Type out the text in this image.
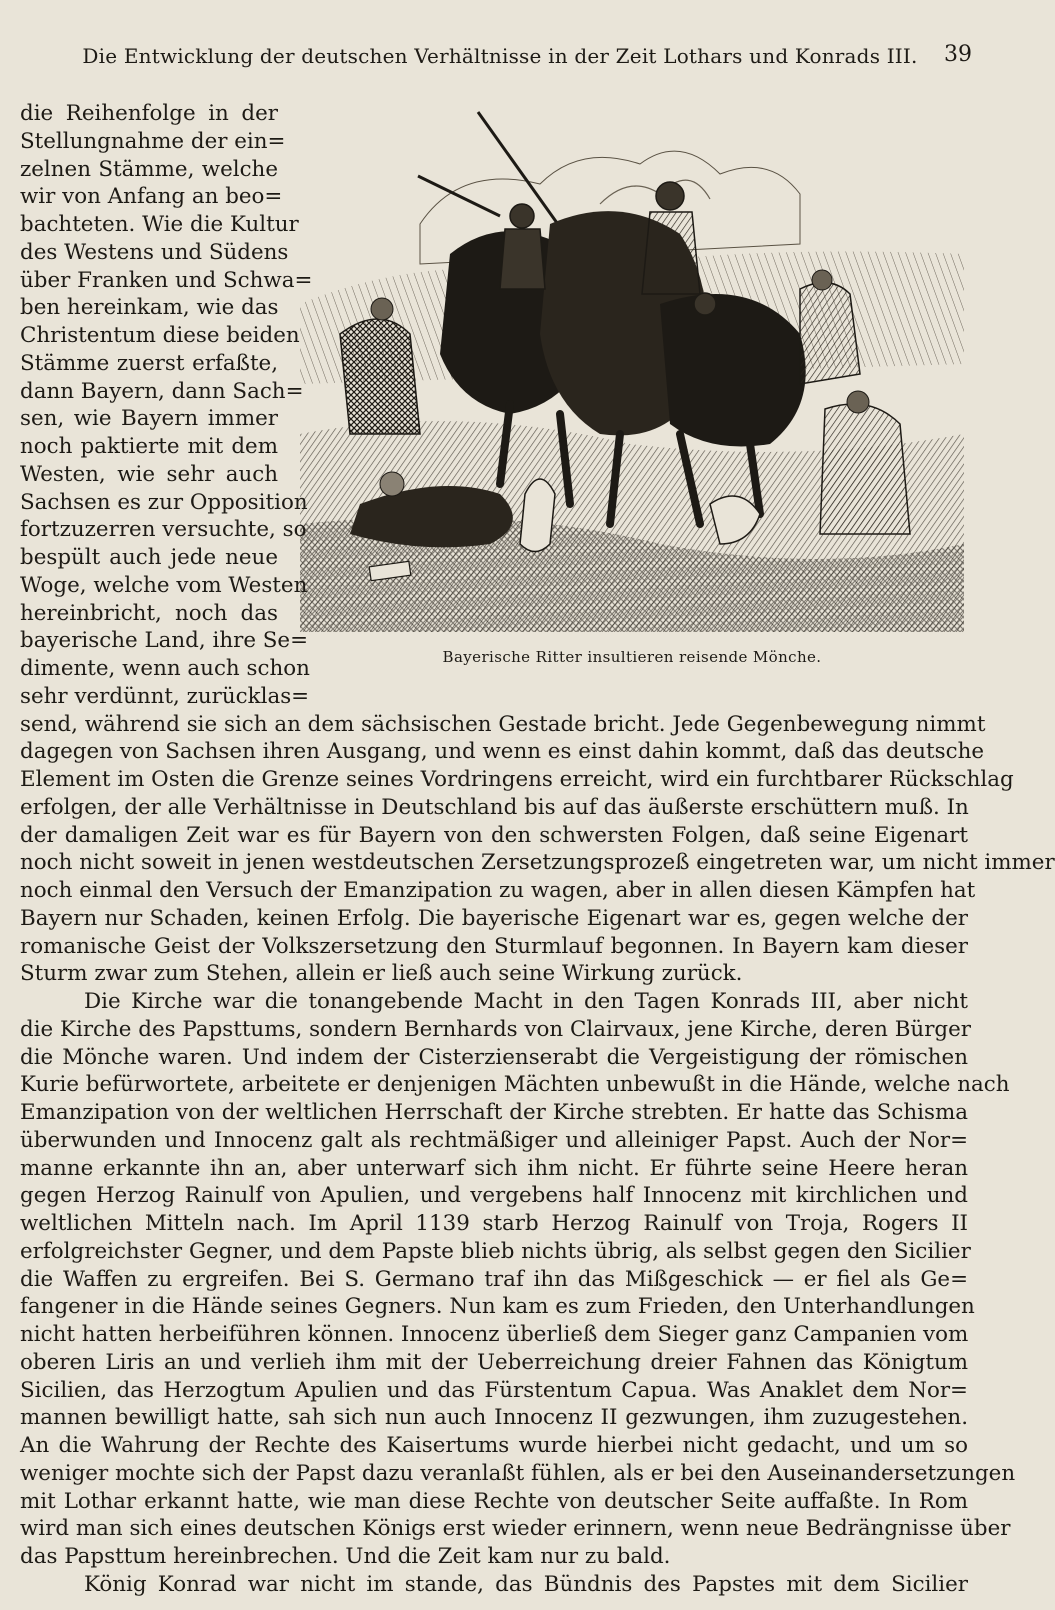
Die Entwicklung der deutschen Verhältnisse in der Zeit Lothars und Konrads III.	39
Bayerische Ritter insultieren reisende Mönche.
die Reihenfolge in der
Stellungnahme der ein=
zelnen Stämme, welche
wir von Anfang an beo=
bachteten. Wie die Kultur
des Westens und Südens
über Franken und Schwa=
ben hereinkam, wie das
Christentum diese beiden
Stämme zuerst erfaßte,
dann Bayern, dann Sach=
sen, wie Bayern immer
noch paktierte mit dem
Westen, wie sehr auch
Sachsen es zur Opposition
fortzuzerren versuchte, so
bespült auch jede neue
Woge, welche vom Westen
hereinbricht, noch das
bayerische Land, ihre Se=
dimente, wenn auch schon
sehr verdünnt, zurücklas=
send, während sie sich an dem sächsischen Gestade bricht. Jede Gegenbewegung nimmt
dagegen von Sachsen ihren Ausgang, und wenn es einst dahin kommt, daß das deutsche
Element im Osten die Grenze seines Vordringens erreicht, wird ein furchtbarer Rückschlag
erfolgen, der alle Verhältnisse in Deutschland bis auf das äußerste erschüttern muß. In
der damaligen Zeit war es für Bayern von den schwersten Folgen, daß seine Eigenart
noch nicht soweit in jenen westdeutschen Zersetzungsprozeß eingetreten war, um nicht immer
noch einmal den Versuch der Emanzipation zu wagen, aber in allen diesen Kämpfen hat
Bayern nur Schaden, keinen Erfolg. Die bayerische Eigenart war es, gegen welche der
romanische Geist der Volkszersetzung den Sturmlauf begonnen. In Bayern kam dieser
Sturm zwar zum Stehen, allein er ließ auch seine Wirkung zurück.
Die Kirche war die tonangebende Macht in den Tagen Konrads III, aber nicht
die Kirche des Papsttums, sondern Bernhards von Clairvaux, jene Kirche, deren Bürger
die Mönche waren. Und indem der Cisterzienserabt die Vergeistigung der römischen
Kurie befürwortete, arbeitete er denjenigen Mächten unbewußt in die Hände, welche nach
Emanzipation von der weltlichen Herrschaft der Kirche strebten. Er hatte das Schisma
überwunden und Innocenz galt als rechtmäßiger und alleiniger Papst. Auch der Nor=
manne erkannte ihn an, aber unterwarf sich ihm nicht. Er führte seine Heere heran
gegen Herzog Rainulf von Apulien, und vergebens half Innocenz mit kirchlichen und
weltlichen Mitteln nach. Im April 1139 starb Herzog Rainulf von Troja, Rogers II
erfolgreichster Gegner, und dem Papste blieb nichts übrig, als selbst gegen den Sicilier
die Waffen zu ergreifen. Bei S. Germano traf ihn das Mißgeschick — er fiel als Ge=
fangener in die Hände seines Gegners. Nun kam es zum Frieden, den Unterhandlungen
nicht hatten herbeiführen können. Innocenz überließ dem Sieger ganz Campanien vom
oberen Liris an und verlieh ihm mit der Ueberreichung dreier Fahnen das Königtum
Sicilien, das Herzogtum Apulien und das Fürstentum Capua. Was Anaklet dem Nor=
mannen bewilligt hatte, sah sich nun auch Innocenz II gezwungen, ihm zuzugestehen.
An die Wahrung der Rechte des Kaisertums wurde hierbei nicht gedacht, und um so
weniger mochte sich der Papst dazu veranlaßt fühlen, als er bei den Auseinandersetzungen
mit Lothar erkannt hatte, wie man diese Rechte von deutscher Seite auffaßte. In Rom
wird man sich eines deutschen Königs erst wieder erinnern, wenn neue Bedrängnisse über
das Papsttum hereinbrechen. Und die Zeit kam nur zu bald.
König Konrad war nicht im stande, das Bündnis des Papstes mit dem Sicilier
